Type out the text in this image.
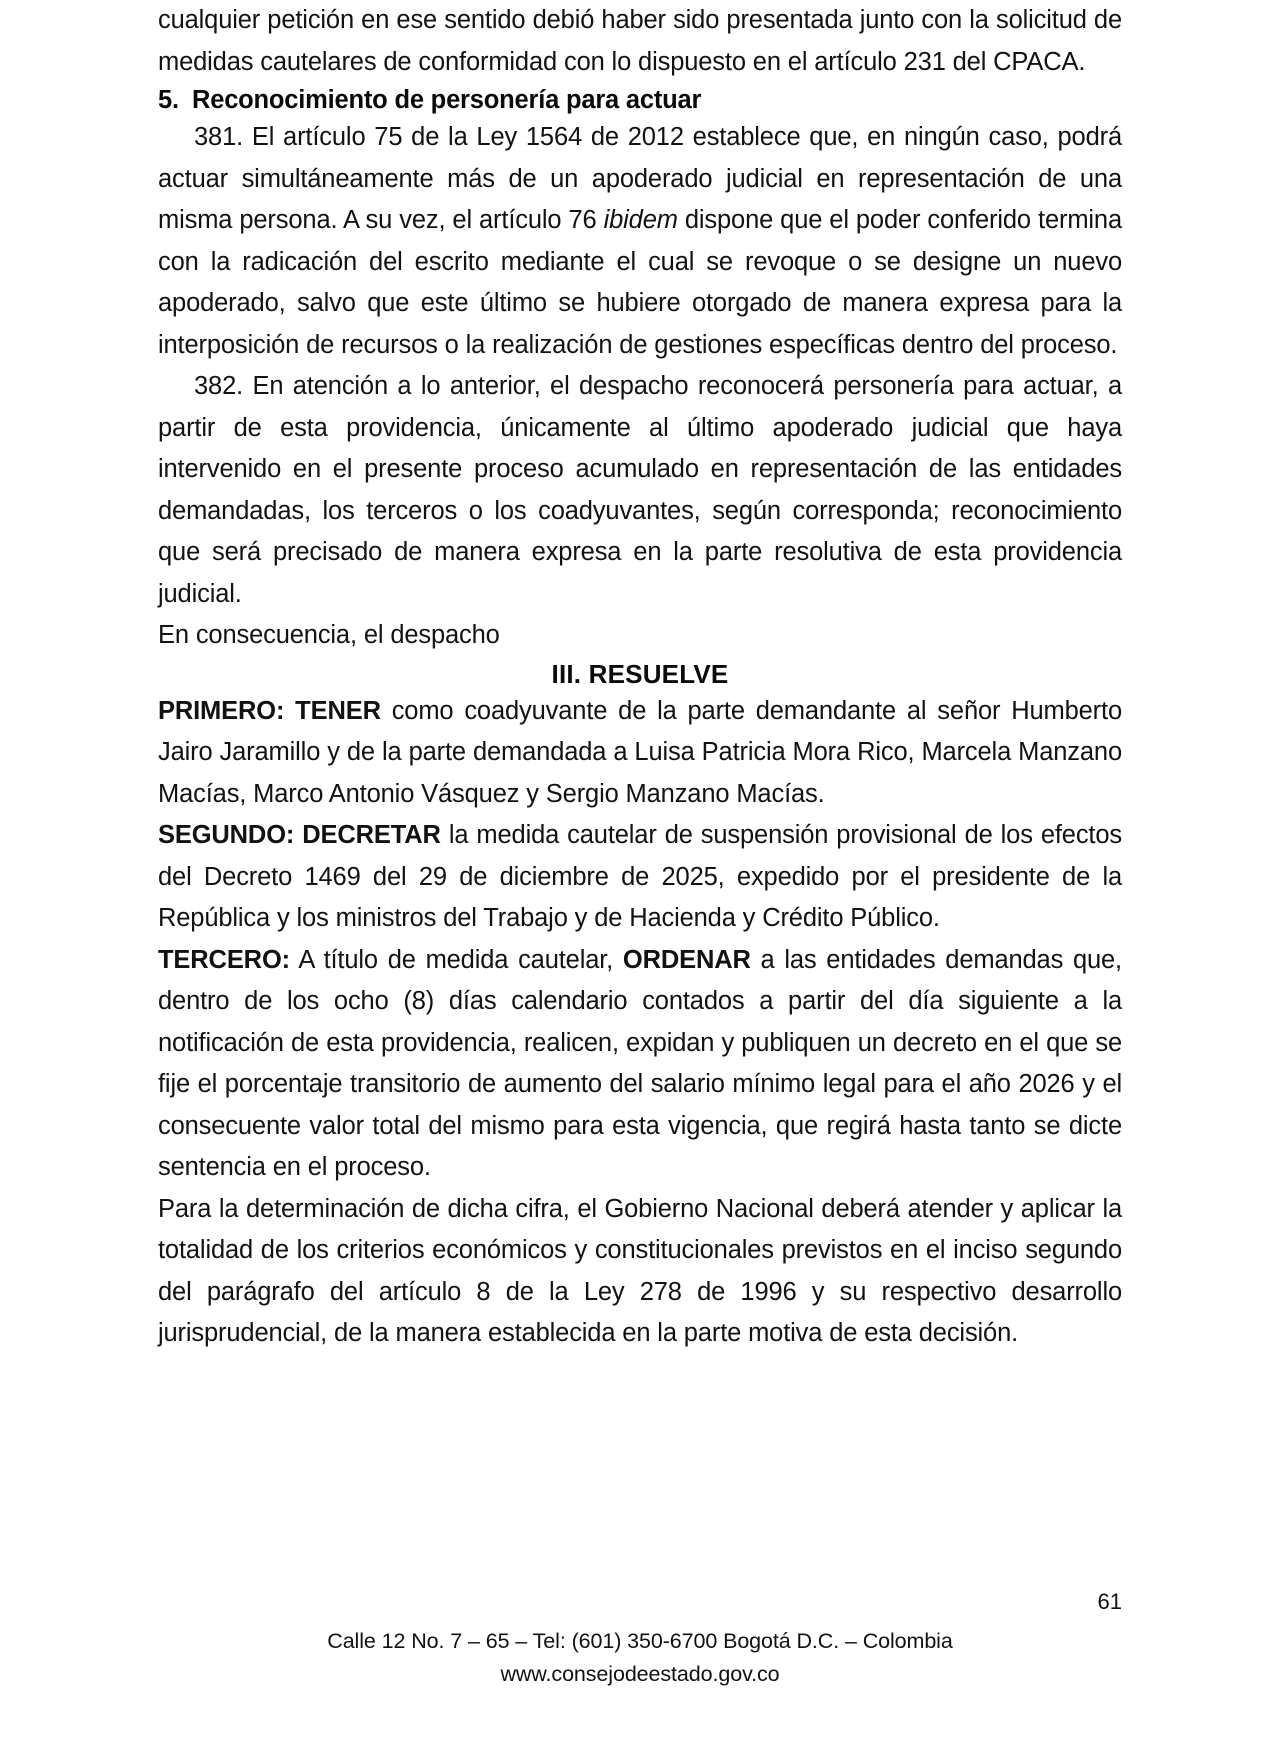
cualquier petición en ese sentido debió haber sido presentada junto con la solicitud de medidas cautelares de conformidad con lo dispuesto en el artículo 231 del CPACA.

5. Reconocimiento de personería para actuar

381. El artículo 75 de la Ley 1564 de 2012 establece que, en ningún caso, podrá actuar simultáneamente más de un apoderado judicial en representación de una misma persona. A su vez, el artículo 76 ibidem dispone que el poder conferido termina con la radicación del escrito mediante el cual se revoque o se designe un nuevo apoderado, salvo que este último se hubiere otorgado de manera expresa para la interposición de recursos o la realización de gestiones específicas dentro del proceso.

382. En atención a lo anterior, el despacho reconocerá personería para actuar, a partir de esta providencia, únicamente al último apoderado judicial que haya intervenido en el presente proceso acumulado en representación de las entidades demandadas, los terceros o los coadyuvantes, según corresponda; reconocimiento que será precisado de manera expresa en la parte resolutiva de esta providencia judicial.

En consecuencia, el despacho

III. RESUELVE

PRIMERO: TENER como coadyuvante de la parte demandante al señor Humberto Jairo Jaramillo y de la parte demandada a Luisa Patricia Mora Rico, Marcela Manzano Macías, Marco Antonio Vásquez y Sergio Manzano Macías.

SEGUNDO: DECRETAR la medida cautelar de suspensión provisional de los efectos del Decreto 1469 del 29 de diciembre de 2025, expedido por el presidente de la República y los ministros del Trabajo y de Hacienda y Crédito Público.

TERCERO: A título de medida cautelar, ORDENAR a las entidades demandas que, dentro de los ocho (8) días calendario contados a partir del día siguiente a la notificación de esta providencia, realicen, expidan y publiquen un decreto en el que se fije el porcentaje transitorio de aumento del salario mínimo legal para el año 2026 y el consecuente valor total del mismo para esta vigencia, que regirá hasta tanto se dicte sentencia en el proceso.

Para la determinación de dicha cifra, el Gobierno Nacional deberá atender y aplicar la totalidad de los criterios económicos y constitucionales previstos en el inciso segundo del parágrafo del artículo 8 de la Ley 278 de 1996 y su respectivo desarrollo jurisprudencial, de la manera establecida en la parte motiva de esta decisión.

61
Calle 12 No. 7 – 65 – Tel: (601) 350-6700 Bogotá D.C. – Colombia
www.consejodeestado.gov.co
